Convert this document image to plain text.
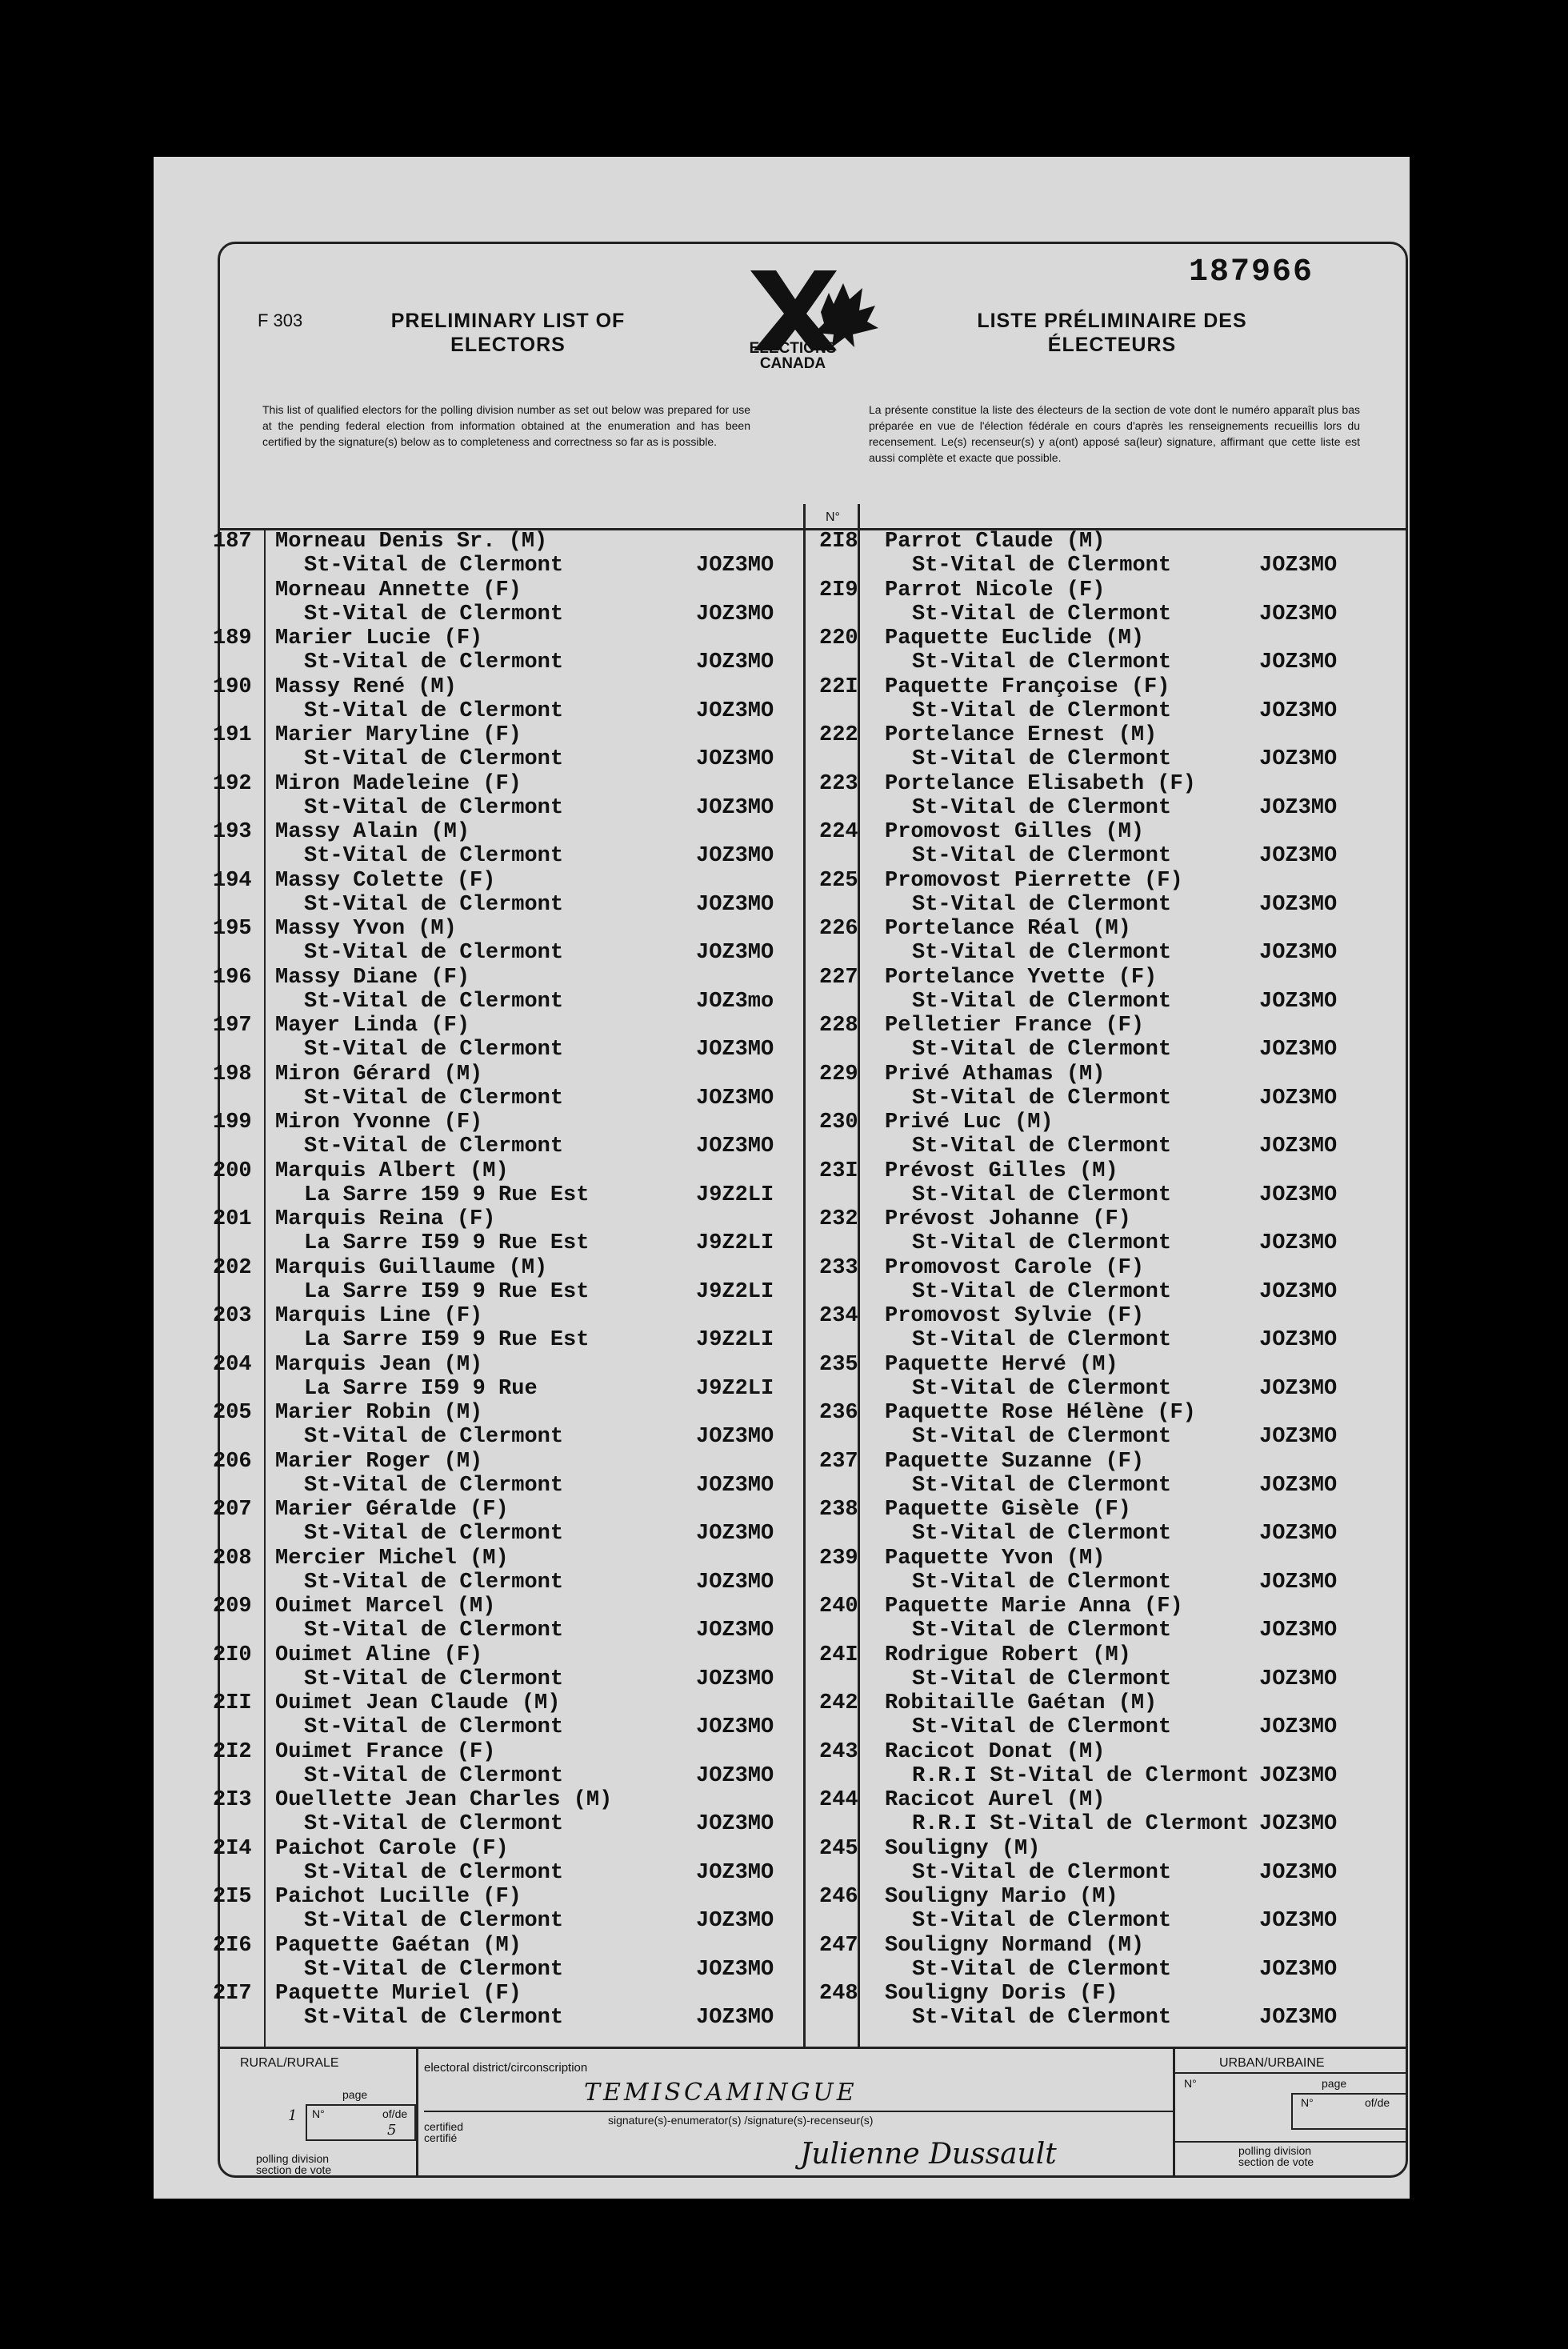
187966
F 303	PRELIMINARY LIST OF ELECTORS
LISTE PRÉLIMINAIRE DES ÉLECTEURS
ELECTIONS CANADA
This list of qualified electors for the polling division number as set out below was prepared for use at the pending federal election from information obtained at the enumeration and has been certified by the signature(s) below as to completeness and correctness so far as is possible.
La présente constitue la liste des électeurs de la section de vote dont le numéro apparaît plus bas préparée en vue de l'élection fédérale en cours d'après les renseignements recueillis lors du recensement. Le(s) recenseur(s) y a(ont) apposé sa(leur) signature, affirmant que cette liste est aussi complète et exacte que possible.
N°
187 Morneau Denis Sr. (M)
St-Vital de Clermont	JOZ3MO
Morneau Annette (F)
St-Vital de Clermont	JOZ3MO
189 Marier Lucie (F)
St-Vital de Clermont	JOZ3MO
190 Massy René (M)
St-Vital de Clermont	JOZ3MO
191 Marier Maryline (F)
St-Vital de Clermont	JOZ3MO
192 Miron Madeleine (F)
St-Vital de Clermont	JOZ3MO
193 Massy Alain (M)
St-Vital de Clermont	JOZ3MO
194 Massy Colette (F)
St-Vital de Clermont	JOZ3MO
195 Massy Yvon (M)
St-Vital de Clermont	JOZ3MO
196 Massy Diane (F)
St-Vital de Clermont	JOZ3mo
197 Mayer Linda (F)
St-Vital de Clermont	JOZ3MO
198 Miron Gérard (M)
St-Vital de Clermont	JOZ3MO
199 Miron Yvonne (F)
St-Vital de Clermont	JOZ3MO
200 Marquis Albert (M)
La Sarre 159 9 Rue Est	J9Z2LI
201 Marquis Reina (F)
La Sarre I59 9 Rue Est	J9Z2LI
202 Marquis Guillaume (M)
La Sarre I59 9 Rue Est	J9Z2LI
203 Marquis Line (F)
La Sarre I59 9 Rue Est	J9Z2LI
204 Marquis Jean (M)
La Sarre I59 9 Rue	J9Z2LI
205 Marier Robin (M)
St-Vital de Clermont	JOZ3MO
206 Marier Roger (M)
St-Vital de Clermont	JOZ3MO
207 Marier Géralde (F)
St-Vital de Clermont	JOZ3MO
208 Mercier Michel (M)
St-Vital de Clermont	JOZ3MO
209 Ouimet Marcel (M)
St-Vital de Clermont	JOZ3MO
2I0 Ouimet Aline (F)
St-Vital de Clermont	JOZ3MO
2II Ouimet Jean Claude (M)
St-Vital de Clermont	JOZ3MO
2I2 Ouimet France (F)
St-Vital de Clermont	JOZ3MO
2I3 Ouellette Jean Charles (M)
St-Vital de Clermont	JOZ3MO
2I4 Paichot Carole (F)
St-Vital de Clermont	JOZ3MO
2I5 Paichot Lucille (F)
St-Vital de Clermont	JOZ3MO
2I6 Paquette Gaétan (M)
St-Vital de Clermont	JOZ3MO
2I7 Paquette Muriel (F)
St-Vital de Clermont	JOZ3MO
2I8 Parrot Claude (M)
St-Vital de Clermont	JOZ3MO
2I9 Parrot Nicole (F)
St-Vital de Clermont	JOZ3MO
220 Paquette Euclide (M)
St-Vital de Clermont	JOZ3MO
22I Paquette Françoise (F)
St-Vital de Clermont	JOZ3MO
222 Portelance Ernest (M)
St-Vital de Clermont	JOZ3MO
223 Portelance Elisabeth (F)
St-Vital de Clermont	JOZ3MO
224 Promovost Gilles (M)
St-Vital de Clermont	JOZ3MO
225 Promovost Pierrette (F)
St-Vital de Clermont	JOZ3MO
226 Portelance Réal (M)
St-Vital de Clermont	JOZ3MO
227 Portelance Yvette (F)
St-Vital de Clermont	JOZ3MO
228 Pelletier France (F)
St-Vital de Clermont	JOZ3MO
229 Privé Athamas (M)
St-Vital de Clermont	JOZ3MO
230 Privé Luc (M)
St-Vital de Clermont	JOZ3MO
23I Prévost Gilles (M)
St-Vital de Clermont	JOZ3MO
232 Prévost Johanne (F)
St-Vital de Clermont	JOZ3MO
233 Promovost Carole (F)
St-Vital de Clermont	JOZ3MO
234 Promovost Sylvie (F)
St-Vital de Clermont	JOZ3MO
235 Paquette Hervé (M)
St-Vital de Clermont	JOZ3MO
236 Paquette Rose Hélène (F)
St-Vital de Clermont	JOZ3MO
237 Paquette Suzanne (F)
St-Vital de Clermont	JOZ3MO
238 Paquette Gisèle (F)
St-Vital de Clermont	JOZ3MO
239 Paquette Yvon (M)
St-Vital de Clermont	JOZ3MO
240 Paquette Marie Anna (F)
St-Vital de Clermont	JOZ3MO
24I Rodrigue Robert (M)
St-Vital de Clermont	JOZ3MO
242 Robitaille Gaétan (M)
St-Vital de Clermont	JOZ3MO
243 Racicot Donat (M)
R.R.I St-Vital de Clermont JOZ3MO
244 Racicot Aurel (M)
R.R.I St-Vital de Clermont JOZ3MO
245 Souligny (M)
St-Vital de Clermont	JOZ3MO
246 Souligny Mario (M)
St-Vital de Clermont	JOZ3MO
247 Souligny Normand (M)
St-Vital de Clermont	JOZ3MO
248 Souligny Doris (F)
St-Vital de Clermont	JOZ3MO
RURAL/RURALE
page
N°	of/de
1
5
polling division
section de vote
electoral district/circonscription
TEMISCAMINGUE
certified
certifié
signature(s)-enumerator(s) /signature(s)-recenseur(s)
Julienne Dussault
URBAN/URBAINE
N°	page
N°	of/de
polling division
section de vote
